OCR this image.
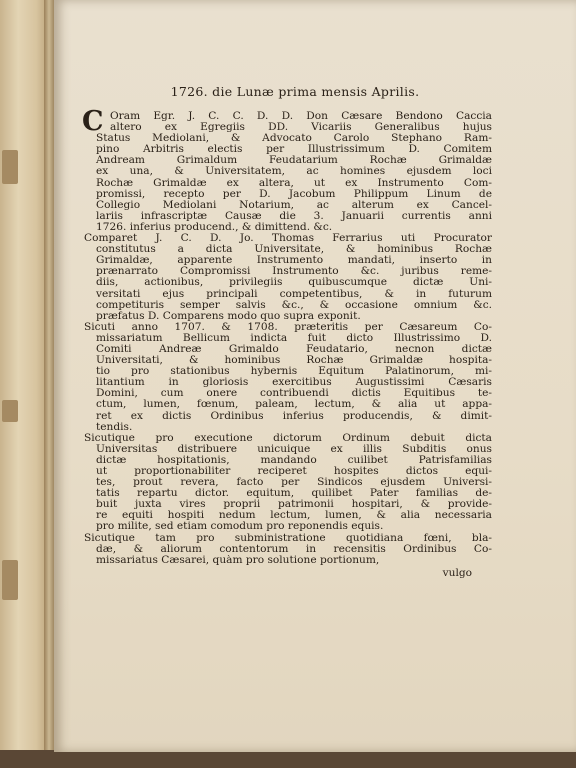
1726. die Lunæ prima mensis Aprilis.
C Oram Egr. J. C. C. D. D. Don Cæsare Bendono Caccia
altero ex Egregiis DD. Vicariis Generalibus hujus
Status Mediolani, & Advocato Carolo Stephano Ram-
pino Arbitris electis per Illustrissimum D. Comitem
Andream Grimaldum Feudatarium Rochæ Grimaldæ
ex una, & Universitatem, ac homines ejusdem loci
Rochæ Grimaldæ ex altera, ut ex Instrumento Com-
promissi, recepto per D. Jacobum Philippum Linum de
Collegio Mediolani Notarium, ac alterum ex Cancel-
lariis infrascriptæ Causæ die 3. Januarii currentis anni
1726. inferius producend., & dimittend. &c.
Comparet J. C. D. Jo. Thomas Ferrarius uti Procurator
constitutus a dicta Universitate, & hominibus Rochæ
Grimaldæ, apparente Instrumento mandati, inserto in
prænarrato Compromissi Instrumento &c. juribus reme-
diis, actionibus, privilegiis quibuscumque dictæ Uni-
versitati ejus principali competentibus, & in futurum
competituris semper salvis &c., & occasione omnium &c.
præfatus D. Comparens modo quo supra exponit.
Sicuti anno 1707. & 1708. præteritis per Cæsareum Co-
missariatum Bellicum indicta fuit dicto Illustrissimo D.
Comiti Andreæ Grimaldo Feudatario, necnon dictæ
Universitati, & hominibus Rochæ Grimaldæ hospita-
tio pro stationibus hybernis Equitum Palatinorum, mi-
litantium in gloriosis exercitibus Augustissimi Cæsaris
Domini, cum onere contribuendi dictis Equitibus te-
ctum, lumen, fœnum, paleam, lectum, & alia ut appa-
ret ex dictis Ordinibus inferius producendis, & dimit-
tendis.
Sicutique pro executione dictorum Ordinum debuit dicta
Universitas distribuere unicuique ex illis Subditis onus
dictæ hospitationis, mandando cuilibet Patrisfamilias
ut proportionabiliter reciperet hospites dictos equi-
tes, prout revera, facto per Sindicos ejusdem Universi-
tatis repartu dictor. equitum, quilibet Pater familias de-
buit juxta vires proprii patrimonii hospitari, & provide-
re equiti hospiti nedum lectum, lumen, & alia necessaria
pro milite, sed etiam comodum pro reponendis equis.
Sicutique tam pro subministratione quotidiana fœni, bla-
dæ, & aliorum contentorum in recensitis Ordinibus Co-
missariatus Cæsarei, quàm pro solutione portionum,
vulgo
